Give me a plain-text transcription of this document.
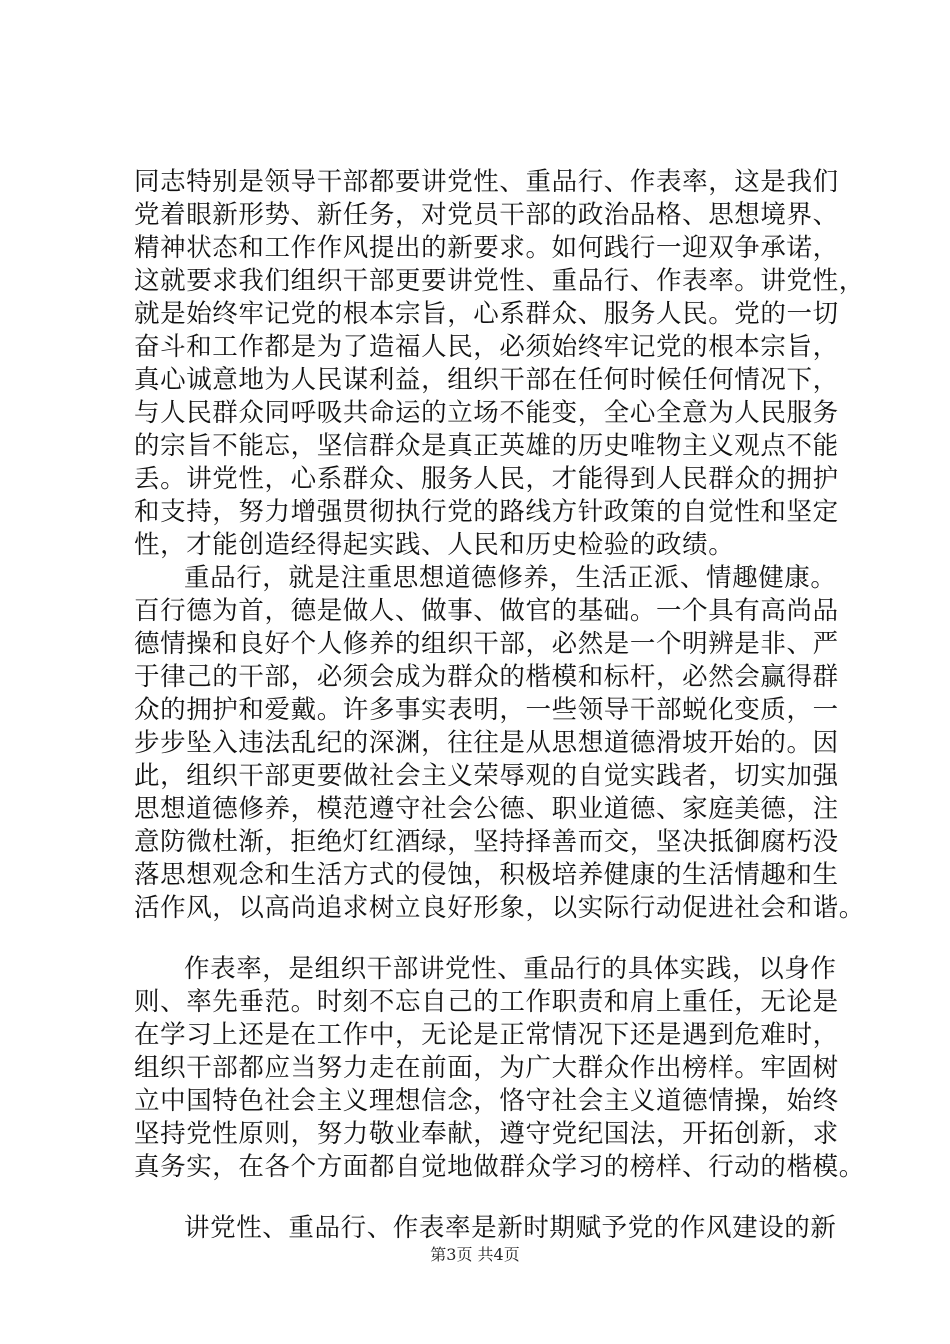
同志特别是领导干部都要讲党性、重品行、作表率，这是我们
党着眼新形势、新任务，对党员干部的政治品格、思想境界、
精神状态和工作作风提出的新要求。如何践行一迎双争承诺，
这就要求我们组织干部更要讲党性、重品行、作表率。讲党性，
就是始终牢记党的根本宗旨，心系群众、服务人民。党的一切
奋斗和工作都是为了造福人民，必须始终牢记党的根本宗旨，
真心诚意地为人民谋利益，组织干部在任何时候任何情况下，
与人民群众同呼吸共命运的立场不能变，全心全意为人民服务
的宗旨不能忘，坚信群众是真正英雄的历史唯物主义观点不能
丢。讲党性，心系群众、服务人民，才能得到人民群众的拥护
和支持，努力增强贯彻执行党的路线方针政策的自觉性和坚定
性，才能创造经得起实践、人民和历史检验的政绩。
重品行，就是注重思想道德修养，生活正派、情趣健康。
百行德为首，德是做人、做事、做官的基础。一个具有高尚品
德情操和良好个人修养的组织干部，必然是一个明辨是非、严
于律己的干部，必须会成为群众的楷模和标杆，必然会赢得群
众的拥护和爱戴。许多事实表明，一些领导干部蜕化变质，一
步步坠入违法乱纪的深渊，往往是从思想道德滑坡开始的。因
此，组织干部更要做社会主义荣辱观的自觉实践者，切实加强
思想道德修养，模范遵守社会公德、职业道德、家庭美德，注
意防微杜渐，拒绝灯红酒绿，坚持择善而交，坚决抵御腐朽没
落思想观念和生活方式的侵蚀，积极培养健康的生活情趣和生
活作风，以高尚追求树立良好形象，以实际行动促进社会和谐。
作表率，是组织干部讲党性、重品行的具体实践，以身作
则、率先垂范。时刻不忘自己的工作职责和肩上重任，无论是
在学习上还是在工作中，无论是正常情况下还是遇到危难时，
组织干部都应当努力走在前面，为广大群众作出榜样。牢固树
立中国特色社会主义理想信念，恪守社会主义道德情操，始终
坚持党性原则，努力敬业奉献，遵守党纪国法，开拓创新，求
真务实，在各个方面都自觉地做群众学习的榜样、行动的楷模。
讲党性、重品行、作表率是新时期赋予党的作风建设的新
第3页 共4页
